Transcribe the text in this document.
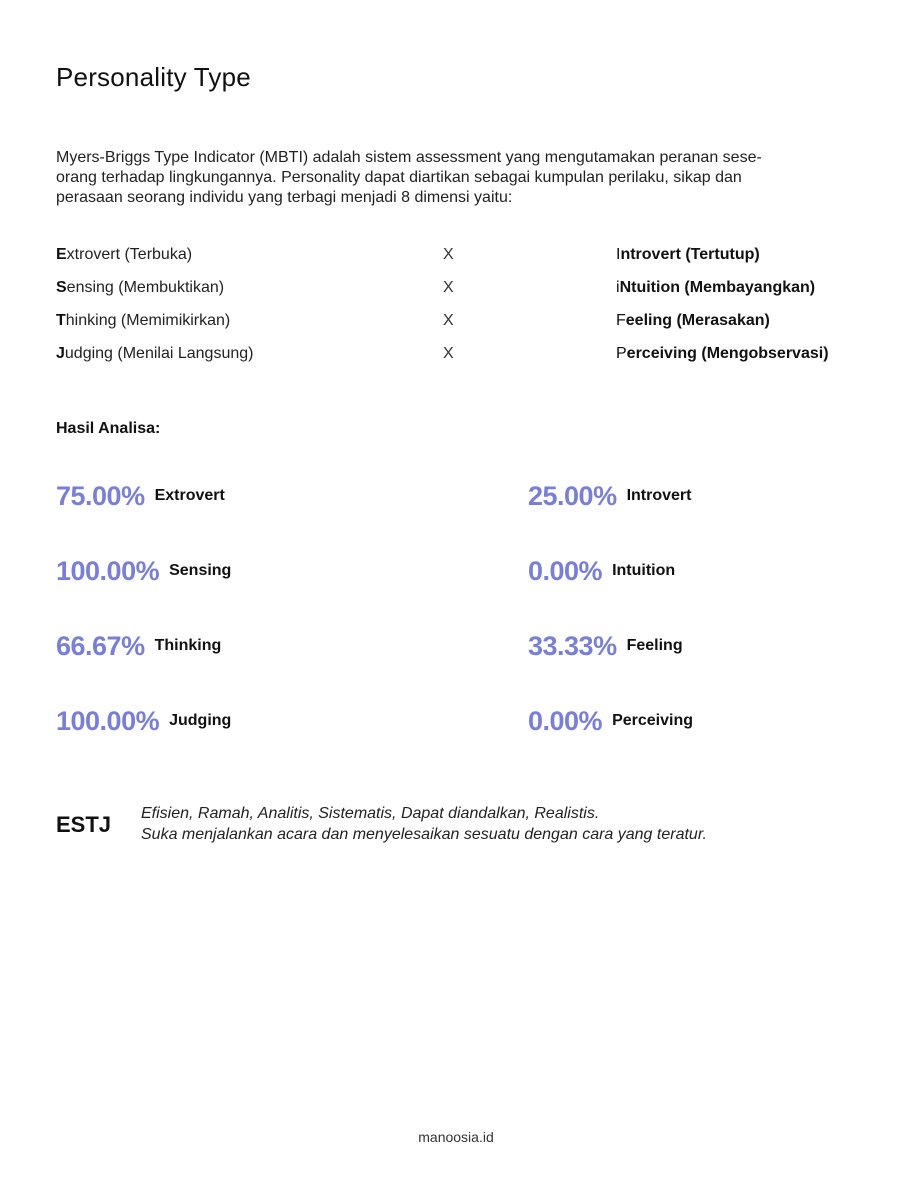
Personality Type
Myers-Briggs Type Indicator (MBTI) adalah sistem assessment yang mengutamakan peranan sese-
orang terhadap lingkungannya. Personality dapat diartikan sebagai kumpulan perilaku, sikap dan
perasaan seorang individu yang terbagi menjadi 8 dimensi yaitu:
Extrovert (Terbuka)	X	Introvert (Tertutup)
Sensing (Membuktikan)	X	iNtuition (Membayangkan)
Thinking (Memimikirkan)	X	Feeling (Merasakan)
Judging (Menilai Langsung)	X	Perceiving (Mengobservasi)
Hasil Analisa:
75.00% Extrovert	25.00% Introvert
100.00% Sensing	0.00% Intuition
66.67% Thinking	33.33% Feeling
100.00% Judging	0.00% Perceiving
ESTJ Efisien, Ramah, Analitis, Sistematis, Dapat diandalkan, Realistis.
Suka menjalankan acara dan menyelesaikan sesuatu dengan cara yang teratur.
manoosia.id
